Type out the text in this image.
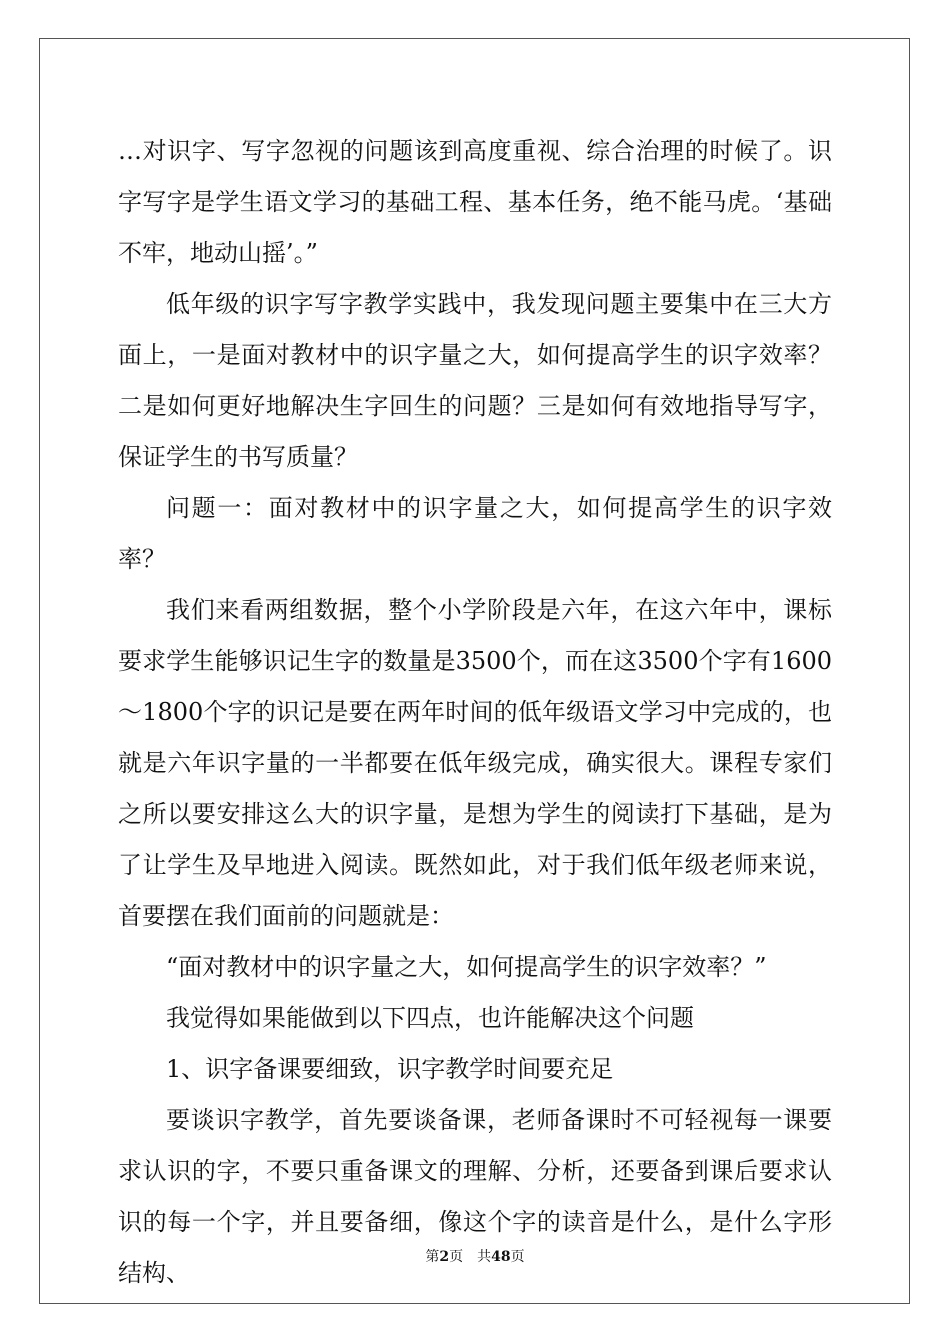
…对识字、写字忽视的问题该到高度重视、综合治理的时候了。识字写字是学生语文学习的基础工程、基本任务，绝不能马虎。‘基础不牢，地动山摇’。”

低年级的识字写字教学实践中，我发现问题主要集中在三大方面上，一是面对教材中的识字量之大，如何提高学生的识字效率？二是如何更好地解决生字回生的问题？三是如何有效地指导写字，保证学生的书写质量？

问题一：面对教材中的识字量之大，如何提高学生的识字效率？

我们来看两组数据，整个小学阶段是六年，在这六年中，课标要求学生能够识记生字的数量是3500个，而在这3500个字有1600～1800个字的识记是要在两年时间的低年级语文学习中完成的，也就是六年识字量的一半都要在低年级完成，确实很大。课程专家们之所以要安排这么大的识字量，是想为学生的阅读打下基础，是为了让学生及早地进入阅读。既然如此，对于我们低年级老师来说，首要摆在我们面前的问题就是：

“面对教材中的识字量之大，如何提高学生的识字效率？”

我觉得如果能做到以下四点，也许能解决这个问题

1、识字备课要细致，识字教学时间要充足

要谈识字教学，首先要谈备课，老师备课时不可轻视每一课要求认识的字，不要只重备课文的理解、分析，还要备到课后要求认识的每一个字，并且要备细，像这个字的读音是什么，是什么字形结构、

第2页　共48页
